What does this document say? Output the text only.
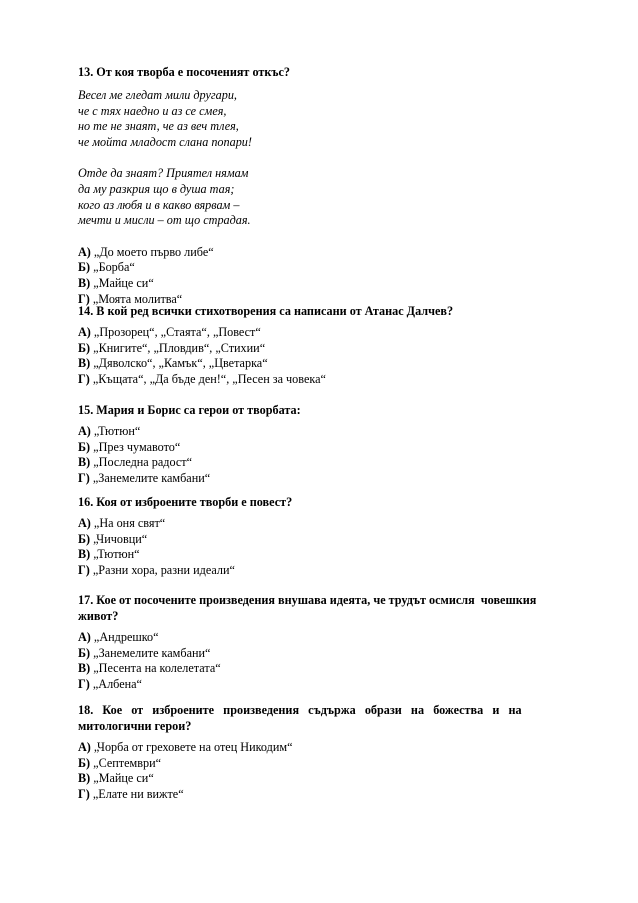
13. От коя творба е посоченият откъс?

Весел ме гледат мили другари,

че с тях наедно и аз се смея,

но те не знаят, че аз веч тлея,

че мойта младост слана попари!

Отде да знаят? Приятел нямам

да му разкрия що в душа тая;

кого аз любя и в какво вярвам –

мечти и мисли – от що страдая.

А) „До моето първо либе“

Б) „Борба“

В) „Майце си“

Г) „Моята молитва“

14. В кой ред всички стихотворения са написани от Атанас Далчев?

А) „Прозорец“, „Стаята“, „Повест“

Б) „Книгите“, „Пловдив“, „Стихии“

В) „Дяволско“, „Камък“, „Цветарка“

Г) „Къщата“, „Да бъде ден!“, „Песен за човека“

15. Мария и Борис са герои от творбата:

А) „Тютюн“

Б) „През чумавото“

В) „Последна радост“

Г) „Занемелите камбани“

16. Коя от изброените творби е повест?

А) „На оня свят“

Б) „Чичовци“

В) „Тютюн“

Г) „Разни хора, разни идеали“

17. Кое от посочените произведения внушава идеята, че трудът осмисля  човешкия

живот?

А) „Андрешко“

Б) „Занемелите камбани“

В) „Песента на колелетата“

Г) „Албена“

18.   Кое   от   изброените   произведения   съдържа   образи   на   божества   и   на

митологични герои?

А) „Чорба от греховете на отец Никодим“

Б) „Септември“

В) „Майце си“

Г) „Елате ни вижте“
